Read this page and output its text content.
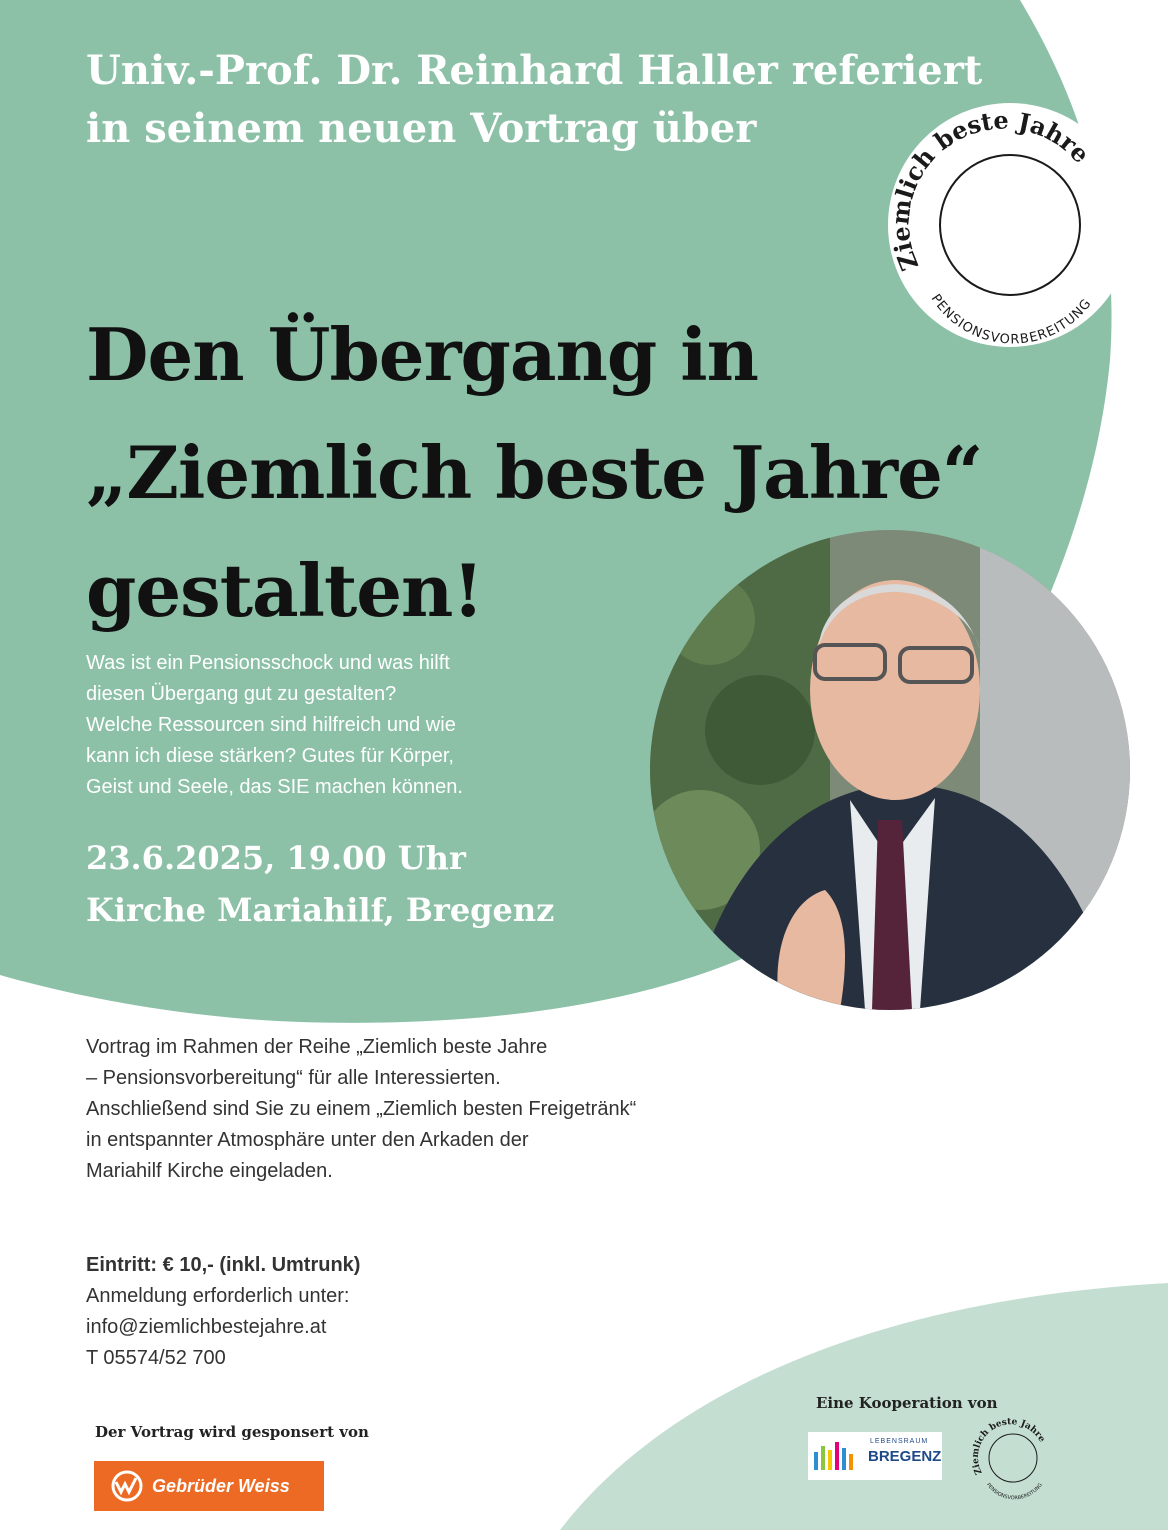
Univ.-Prof. Dr. Reinhard Haller referiert
in seinem neuen Vortrag über
Ziemlich beste Jahre
PENSIONSVORBEREITUNG
Den Übergang in
„Ziemlich beste Jahre“
gestalten!
Was ist ein Pensionsschock und was hilft
diesen Übergang gut zu gestalten?
Welche Ressourcen sind hilfreich und wie
kann ich diese stärken? Gutes für Körper,
Geist und Seele, das SIE machen können.
23.6.2025, 19.00 Uhr
Kirche Mariahilf, Bregenz
Vortrag im Rahmen der Reihe „Ziemlich beste Jahre
– Pensionsvorbereitung“ für alle Interessierten.
Anschließend sind Sie zu einem „Ziemlich besten Freigetränk“
in entspannter Atmosphäre unter den Arkaden der
Mariahilf Kirche eingeladen.
Eintritt: € 10,- (inkl. Umtrunk)
Anmeldung erforderlich unter:
info@ziemlichbestejahre.at
T 05574/52 700
Der Vortrag wird gesponsert von
Gebrüder Weiss
Eine Kooperation von
LEBENSRAUM
BREGENZ
Ziemlich beste Jahre
PENSIONSVORBEREITUNG
